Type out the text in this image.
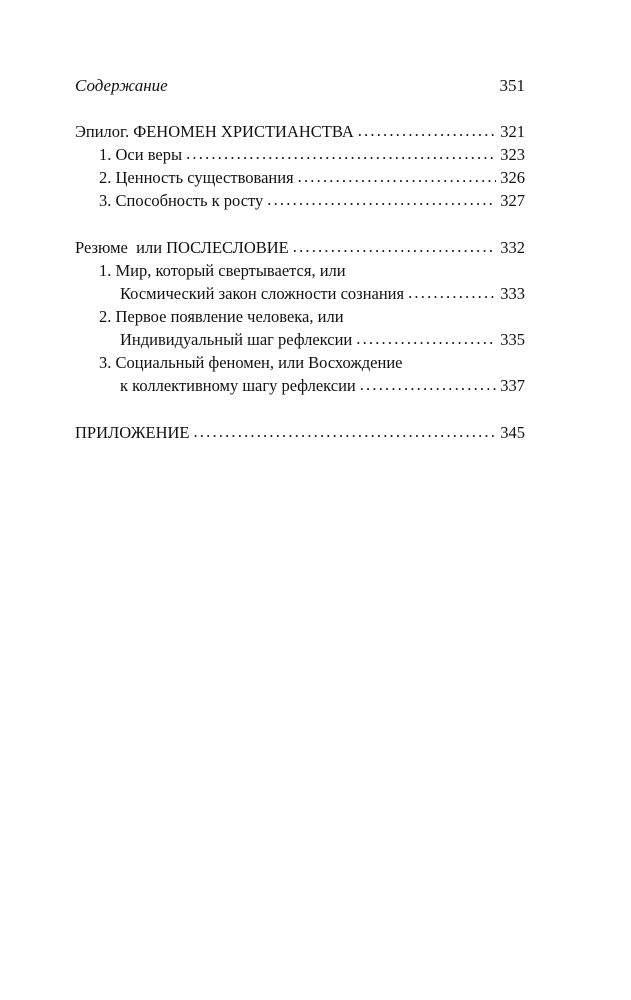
Содержание	351
Эпилог. ФЕНОМЕН ХРИСТИАНСТВА .....	321
1. Оси веры .....	323
2. Ценность существования .....	326
3. Способность к росту .....	327
Резюме  или ПОСЛЕСЛОВИЕ .....	332
1. Мир, который свертывается, или
Космический закон сложности сознания .....	333
2. Первое появление человека, или
Индивидуальный шаг рефлексии .....	335
3. Социальный феномен, или Восхождение
к коллективному шагу рефлексии .....	337
ПРИЛОЖЕНИЕ .....	345
